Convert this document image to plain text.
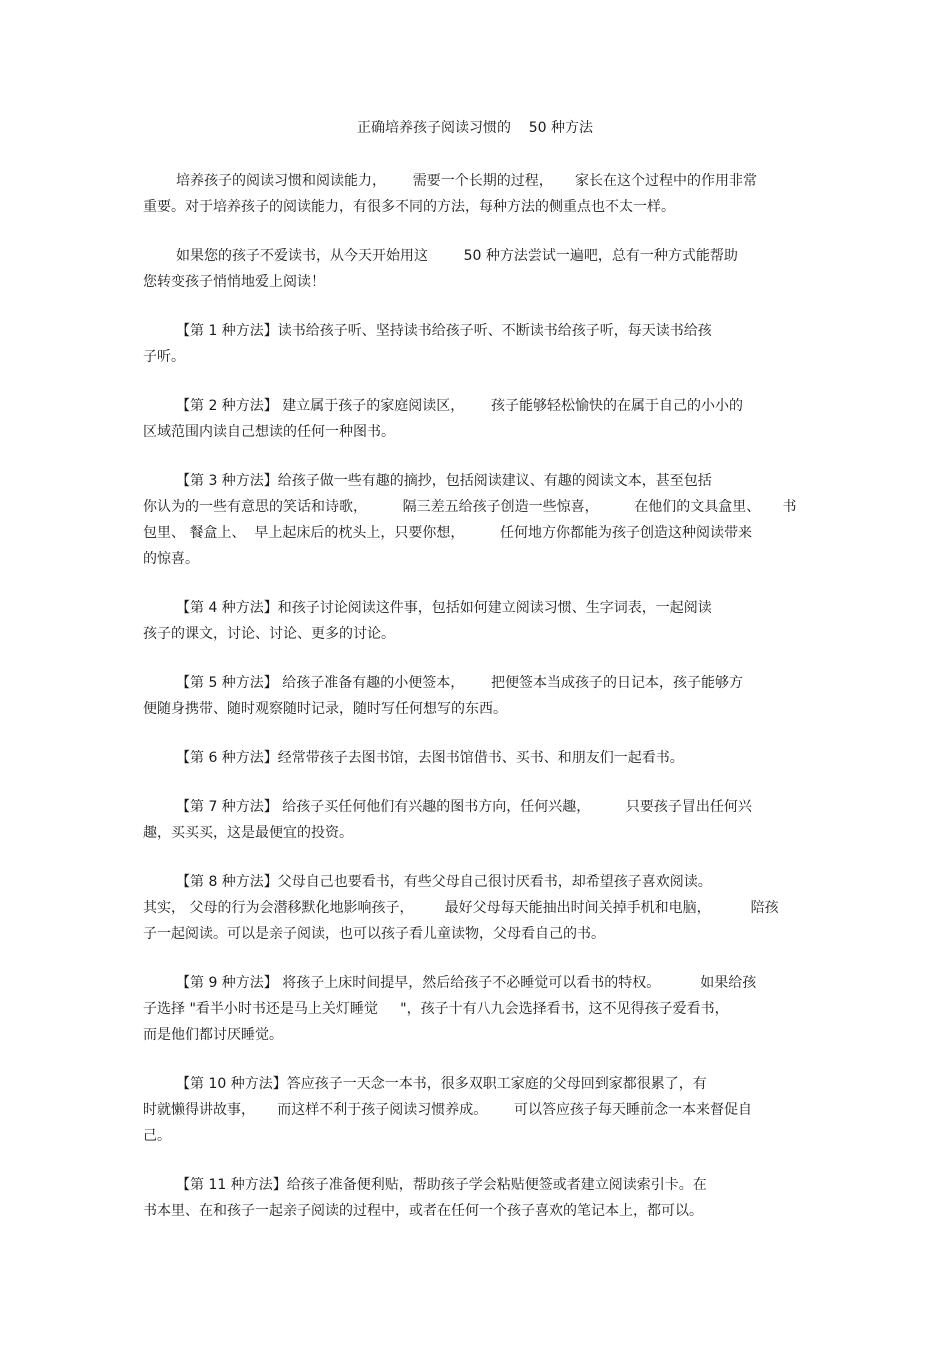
正确培养孩子阅读习惯的    50 种方法
培养孩子的阅读习惯和阅读能力，      需要一个长期的过程，     家长在这个过程中的作用非常
重要。对于培养孩子的阅读能力，有很多不同的方法，每种方法的侧重点也不太一样。
如果您的孩子不爱读书，从今天开始用这        50 种方法尝试一遍吧，总有一种方式能帮助
您转变孩子悄悄地爱上阅读！
【第 1 种方法】读书给孩子听、坚持读书给孩子听、不断读书给孩子听，每天读书给孩
子听。
【第 2 种方法】 建立属于孩子的家庭阅读区，      孩子能够轻松愉快的在属于自己的小小的
区域范围内读自己想读的任何一种图书。
【第 3 种方法】给孩子做一些有趣的摘抄，包括阅读建议、有趣的阅读文本，甚至包括
你认为的一些有意思的笑话和诗歌，        隔三差五给孩子创造一些惊喜，        在他们的文具盒里、     书
包里、 餐盒上、  早上起床后的枕头上，只要你想，        任何地方你都能为孩子创造这种阅读带来
的惊喜。
【第 4 种方法】和孩子讨论阅读这件事，包括如何建立阅读习惯、生字词表，一起阅读
孩子的课文，讨论、讨论、更多的讨论。
【第 5 种方法】 给孩子准备有趣的小便签本，      把便签本当成孩子的日记本，孩子能够方
便随身携带、随时观察随时记录，随时写任何想写的东西。
【第 6 种方法】经常带孩子去图书馆，去图书馆借书、买书、和朋友们一起看书。
【第 7 种方法】 给孩子买任何他们有兴趣的图书方向，任何兴趣，        只要孩子冒出任何兴
趣，买买买，这是最便宜的投资。
【第 8 种方法】父母自己也要看书，有些父母自己很讨厌看书，却希望孩子喜欢阅读。
其实， 父母的行为会潜移默化地影响孩子，       最好父母每天能抽出时间关掉手机和电脑，         陪孩
子一起阅读。可以是亲子阅读，也可以孩子看儿童读物，父母看自己的书。
【第 9 种方法】 将孩子上床时间提早，然后给孩子不必睡觉可以看书的特权。         如果给孩
子选择 "看半小时书还是马上关灯睡觉     "，孩子十有八九会选择看书，这不见得孩子爱看书，
而是他们都讨厌睡觉。
【第 10 种方法】答应孩子一天念一本书，很多双职工家庭的父母回到家都很累了，有
时就懒得讲故事，     而这样不利于孩子阅读习惯养成。      可以答应孩子每天睡前念一本来督促自
己。
【第 11 种方法】给孩子准备便利贴，帮助孩子学会粘贴便签或者建立阅读索引卡。在
书本里、在和孩子一起亲子阅读的过程中，或者在任何一个孩子喜欢的笔记本上，都可以。
